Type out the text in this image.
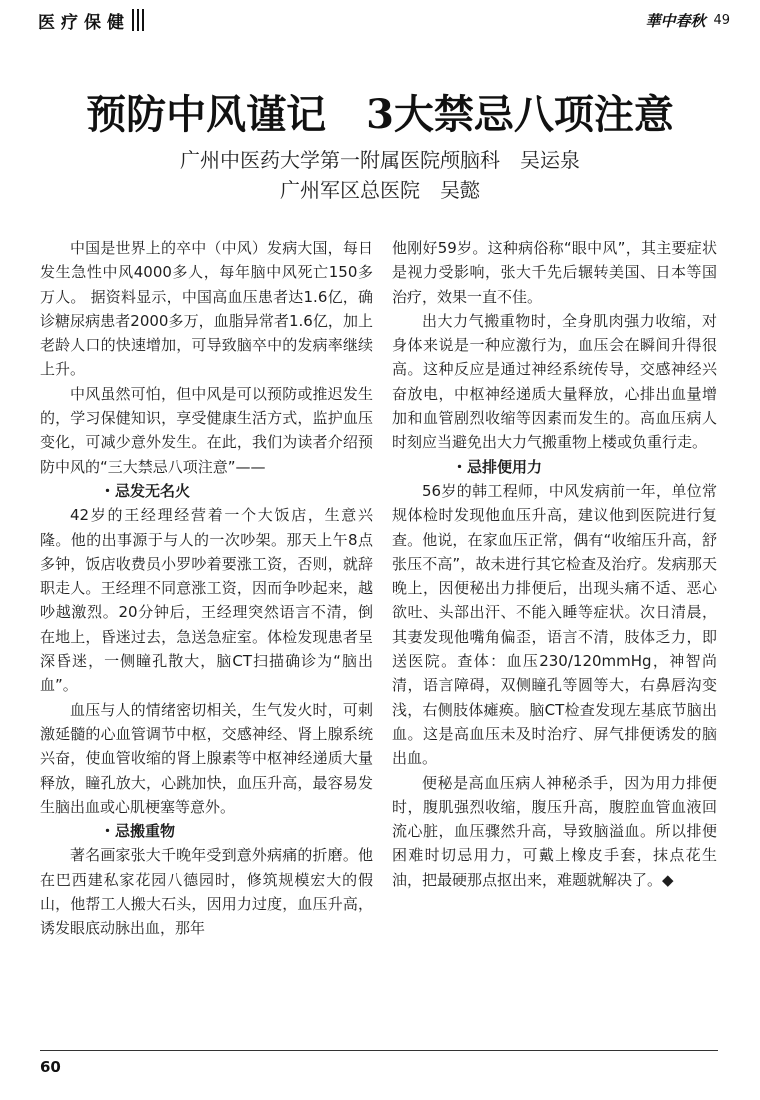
医疗保健	華中春秋 49
预防中风谨记　3大禁忌八项注意

广州中医药大学第一附属医院颅脑科　吴运泉

广州军区总医院　吴懿

中国是世界上的卒中（中风）发病大国，每日发生急性中风4000多人，每年脑中风死亡150多万人。 据资料显示，中国高血压患者达1.6亿，确诊糖尿病患者2000多万，血脂异常者1.6亿，加上老龄人口的快速增加，可导致脑卒中的发病率继续上升。

中风虽然可怕，但中风是可以预防或推迟发生的，学习保健知识，享受健康生活方式，监护血压变化，可减少意外发生。在此，我们为读者介绍预防中风的“三大禁忌八项注意”——

・忌发无名火

42岁的王经理经营着一个大饭店，生意兴隆。他的出事源于与人的一次吵架。那天上午8点多钟，饭店收费员小罗吵着要涨工资，否则，就辞职走人。王经理不同意涨工资，因而争吵起来，越吵越激烈。20分钟后，王经理突然语言不清，倒在地上，昏迷过去，急送急症室。体检发现患者呈深昏迷，一侧瞳孔散大，脑CT扫描确诊为“脑出血”。

血压与人的情绪密切相关，生气发火时，可刺激延髓的心血管调节中枢，交感神经、肾上腺系统兴奋，使血管收缩的肾上腺素等中枢神经递质大量释放，瞳孔放大，心跳加快，血压升高，最容易发生脑出血或心肌梗塞等意外。

・忌搬重物

著名画家张大千晚年受到意外病痛的折磨。他在巴西建私家花园八德园时，修筑规模宏大的假山，他帮工人搬大石头，因用力过度，血压升高，诱发眼底动脉出血，那年

他刚好59岁。这种病俗称“眼中风”，其主要症状是视力受影响，张大千先后辗转美国、日本等国治疗，效果一直不佳。

出大力气搬重物时，全身肌肉强力收缩，对身体来说是一种应激行为，血压会在瞬间升得很高。这种反应是通过神经系统传导，交感神经兴奋放电，中枢神经递质大量释放，心排出血量增加和血管剧烈收缩等因素而发生的。高血压病人时刻应当避免出大力气搬重物上楼或负重行走。

・忌排便用力

56岁的韩工程师，中风发病前一年，单位常规体检时发现他血压升高，建议他到医院进行复查。他说，在家血压正常，偶有“收缩压升高，舒张压不高”，故未进行其它检查及治疗。发病那天晚上，因便秘出力排便后，出现头痛不适、恶心欲吐、头部出汗、不能入睡等症状。次日清晨，其妻发现他嘴角偏歪，语言不清，肢体乏力，即送医院。查体：血压230/120mmHg，神智尚清，语言障碍，双侧瞳孔等圆等大，右鼻唇沟变浅，右侧肢体瘫痪。脑CT检查发现左基底节脑出血。这是高血压未及时治疗、屏气排便诱发的脑出血。

便秘是高血压病人神秘杀手，因为用力排便时，腹肌强烈收缩，腹压升高，腹腔血管血液回流心脏，血压骤然升高，导致脑溢血。所以排便困难时切忌用力，可戴上橡皮手套，抹点花生油，把最硬那点抠出来，难题就解决了。◆

60
